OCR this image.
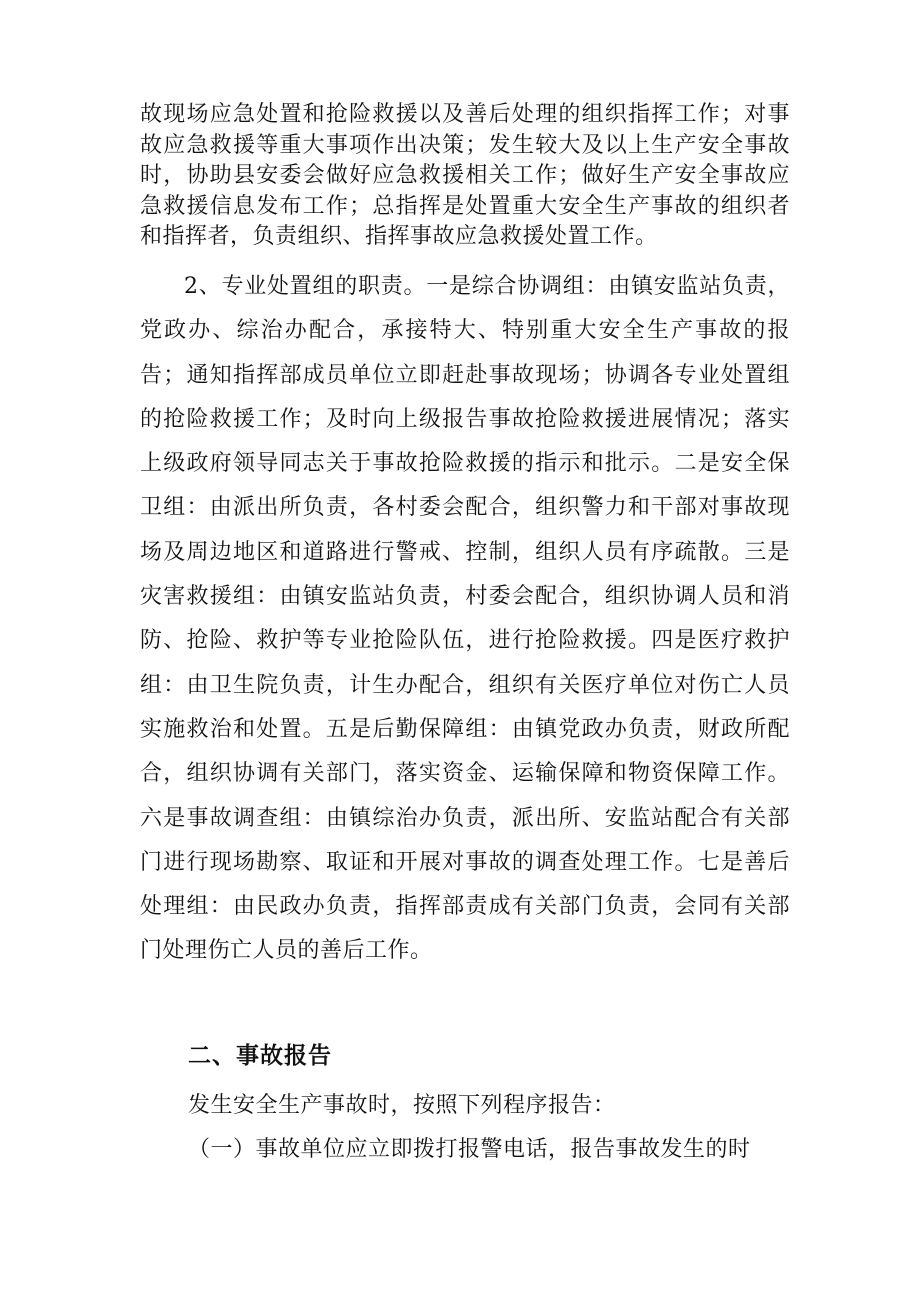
故现场应急处置和抢险救援以及善后处理的组织指挥工作；对事故应急救援等重大事项作出决策；发生较大及以上生产安全事故时，协助县安委会做好应急救援相关工作；做好生产安全事故应急救援信息发布工作；总指挥是处置重大安全生产事故的组织者和指挥者，负责组织、指挥事故应急救援处置工作。

2、专业处置组的职责。一是综合协调组：由镇安监站负责，党政办、综治办配合，承接特大、特别重大安全生产事故的报告；通知指挥部成员单位立即赶赴事故现场；协调各专业处置组的抢险救援工作；及时向上级报告事故抢险救援进展情况；落实上级政府领导同志关于事故抢险救援的指示和批示。二是安全保卫组：由派出所负责，各村委会配合，组织警力和干部对事故现场及周边地区和道路进行警戒、控制，组织人员有序疏散。三是灾害救援组：由镇安监站负责，村委会配合，组织协调人员和消防、抢险、救护等专业抢险队伍，进行抢险救援。四是医疗救护组：由卫生院负责，计生办配合，组织有关医疗单位对伤亡人员实施救治和处置。五是后勤保障组：由镇党政办负责，财政所配合，组织协调有关部门，落实资金、运输保障和物资保障工作。六是事故调查组：由镇综治办负责，派出所、安监站配合有关部门进行现场勘察、取证和开展对事故的调查处理工作。七是善后处理组：由民政办负责，指挥部责成有关部门负责，会同有关部门处理伤亡人员的善后工作。

二、事故报告

发生安全生产事故时，按照下列程序报告：

（一）事故单位应立即拨打报警电话，报告事故发生的时
